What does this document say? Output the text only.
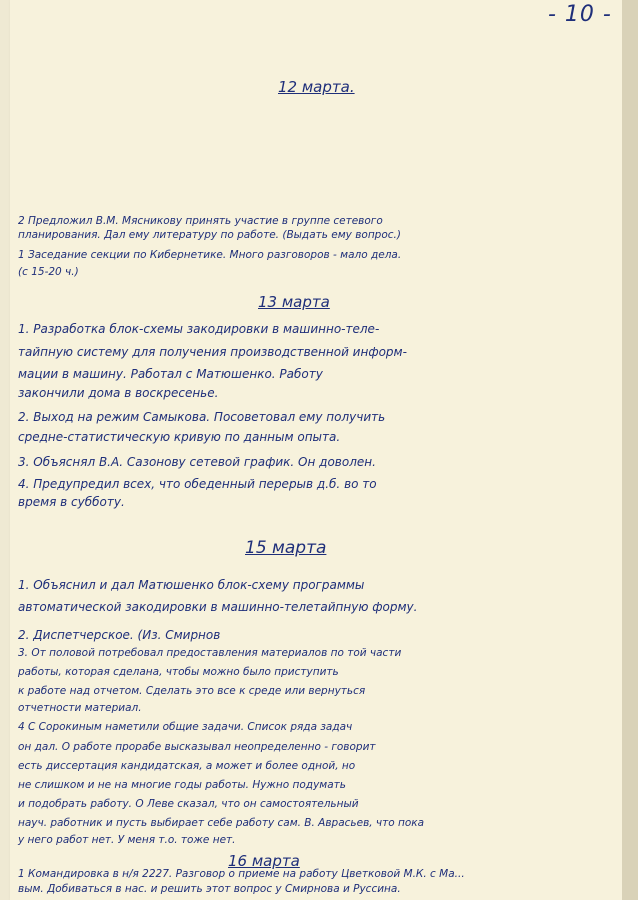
- 10 -
12 марта.
2 Предложил В.М. Мясникову принять участие в группе сетевого
планирования. Дал ему литературу по работе. (Выдать ему вопрос.)
1 Заседание секции по Кибернетике. Много разговоров - мало дела.
(с 15-20 ч.)
13 марта
1. Разработка блок-схемы закодировки в машинно-теле-
тайпную систему для получения производственной информ-
мации в машину. Работал с Матюшенко. Работу
закончили дома в воскресенье.
2. Выход на режим Самыкова. Посоветовал ему получить
средне-статистическую кривую по данным опыта.
3. Объяснял В.А. Сазонову сетевой график. Он доволен.
4. Предупредил всех, что обеденный перерыв д.б. во то
время в субботу.
15 марта
1. Объяснил и дал Матюшенко блок-схему программы
автоматической закодировки в машинно-телетайпную форму.
2. Диспетчерское. (Из. Смирнов
3. От половой потребовал предоставления материалов по той части
работы, которая сделана, чтобы можно было приступить
к работе над отчетом. Сделать это все к среде или вернуться
отчетности материал.
4 С Сорокиным наметили общие задачи. Список ряда задач
он дал. О работе прорабе высказывал неопределенно - говорит
есть диссертация кандидатская, а может и более одной, но
не слишком и не на многие годы работы. Нужно подумать
и подобрать работу. О Леве сказал, что он самостоятельный
науч. работник и пусть выбирает себе работу сам. В. Аврасьев, что пока
у него работ нет. У меня т.о. тоже нет.
16 марта
1 Командировка в н/я 2227. Разговор о приеме на работу Цветковой М.К. с Ма...
вым. Добиваться в нас. и решить этот вопрос у Смирнова и Руссина.
